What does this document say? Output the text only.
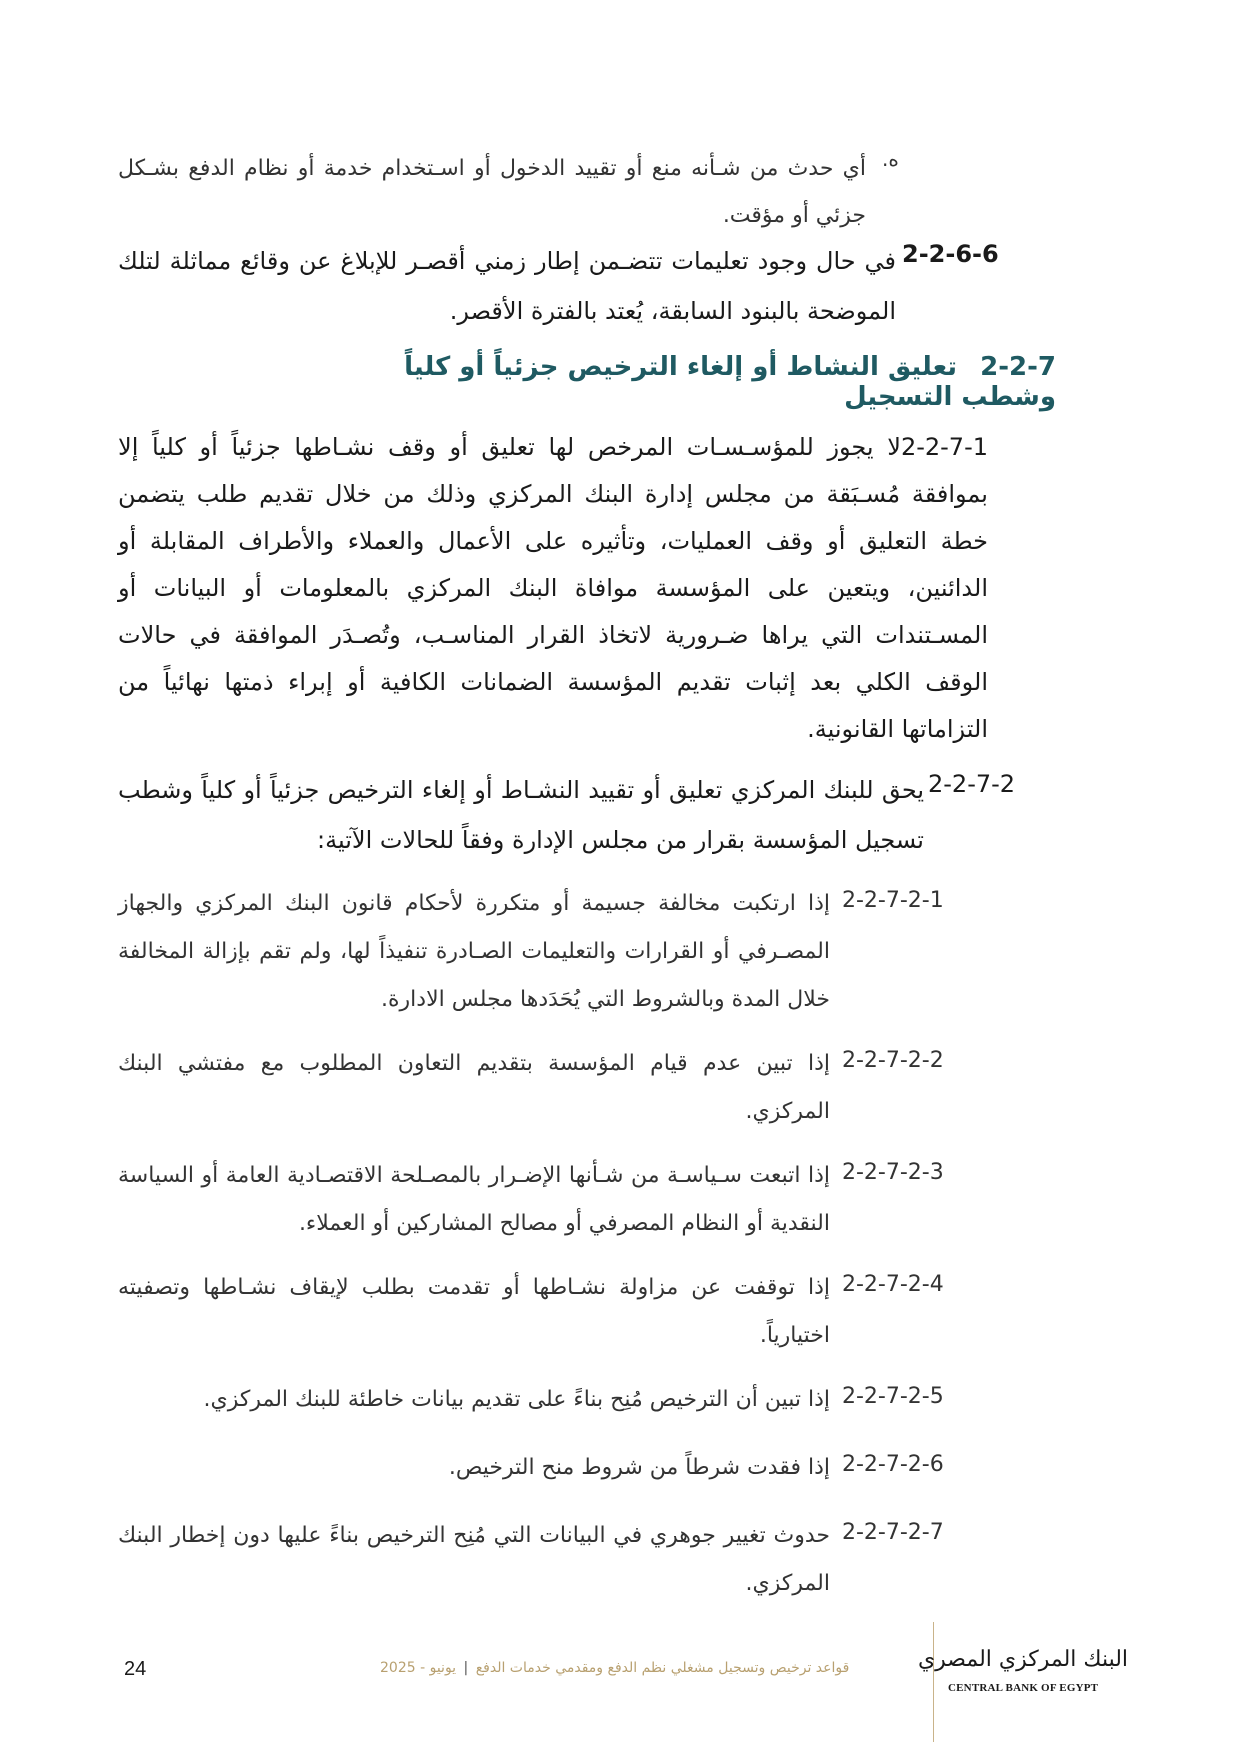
ه.
أي حدث من شـأنه منع أو تقييد الدخول أو اسـتخدام خدمة أو نظام الدفع بشـكل جزئي أو مؤقت.
2-2-6-6
في حال وجود تعليمات تتضـمن إطار زمني أقصـر للإبلاغ عن وقائع مماثلة لتلك الموضحة بالبنود السابقة، يُعتد بالفترة الأقصر.
2-2-7 تعليق النشاط أو إلغاء الترخيص جزئياً أو كلياً وشطب التسجيل
2-2-7-1لا يجوز للمؤسـسـات المرخص لها تعليق أو وقف نشـاطها جزئياً أو كلياً إلا بموافقة مُسـبَقة من مجلس إدارة البنك المركزي وذلك من خلال تقديم طلب يتضمن خطة التعليق أو وقف العمليات، وتأثيره على الأعمال والعملاء والأطراف المقابلة أو الدائنين، ويتعين على المؤسسة موافاة البنك المركزي بالمعلومات أو البيانات أو المسـتندات التي يراها ضـرورية لاتخاذ القرار المناسـب، وتُصـدَر الموافقة في حالات الوقف الكلي بعد إثبات تقديم المؤسسة الضمانات الكافية أو إبراء ذمتها نهائياً من التزاماتها القانونية.
2-2-7-2
يحق للبنك المركزي تعليق أو تقييد النشـاط أو إلغاء الترخيص جزئياً أو كلياً وشطب تسجيل المؤسسة بقرار من مجلس الإدارة وفقاً للحالات الآتية:
2-2-7-2-1
إذا ارتكبت مخالفة جسيمة أو متكررة لأحكام قانون البنك المركزي والجهاز المصـرفي أو القرارات والتعليمات الصـادرة تنفيذاً لها، ولم تقم بإزالة المخالفة خلال المدة وبالشروط التي يُحَدَدها مجلس الادارة.
2-2-7-2-2
إذا تبين عدم قيام المؤسسة بتقديم التعاون المطلوب مع مفتشي البنك المركزي.
2-2-7-2-3
إذا اتبعت سـياسـة من شـأنها الإضـرار بالمصـلحة الاقتصـادية العامة أو السياسة النقدية أو النظام المصرفي أو مصالح المشاركين أو العملاء.
2-2-7-2-4
إذا توقفت عن مزاولة نشـاطها أو تقدمت بطلب لإيقاف نشـاطها وتصفيته اختيارياً.
2-2-7-2-5
إذا تبين أن الترخيص مُنِح بناءً على تقديم بيانات خاطئة للبنك المركزي.
2-2-7-2-6
إذا فقدت شرطاً من شروط منح الترخيص.
2-2-7-2-7
حدوث تغيير جوهري في البيانات التي مُنِح الترخيص بناءً عليها دون إخطار البنك المركزي.
24	قواعد ترخيص وتسجيل مشغلي نظم الدفع ومقدمي خدمات الدفع | يونيو - 2025	البنك المركزي المصري
CENTRAL BANK OF EGYPT
